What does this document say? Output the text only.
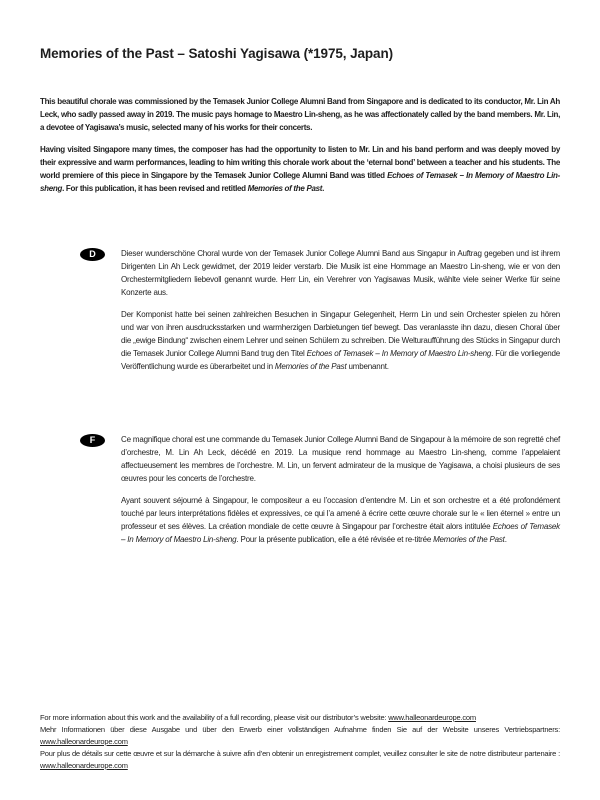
Memories of the Past – Satoshi Yagisawa (*1975, Japan)

This beautiful chorale was commissioned by the Temasek Junior College Alumni Band from Singapore and is dedicated to its conductor, Mr. Lin Ah Leck, who sadly passed away in 2019. The music pays homage to Maestro Lin-sheng, as he was affectionately called by the band members. Mr. Lin, a devotee of Yagisawa’s music, selected many of his works for their concerts.

Having visited Singapore many times, the composer has had the opportunity to listen to Mr. Lin and his band perform and was deeply moved by their expressive and warm performances, leading to him writing this chorale work about the ‘eternal bond’ between a teacher and his students. The world premiere of this piece in Singapore by the Temasek Junior College Alumni Band was titled Echoes of Temasek – In Memory of Maestro Lin-sheng. For this publication, it has been revised and retitled Memories of the Past.

D	Dieser wunderschöne Choral wurde von der Temasek Junior College Alumni Band aus Singapur in Auftrag gegeben und ist ihrem Dirigenten Lin Ah Leck gewidmet, der 2019 leider verstarb. Die Musik ist eine Hommage an Maestro Lin-sheng, wie er von den Orchestermitgliedern liebevoll genannt wurde. Herr Lin, ein Verehrer von Yagisawas Musik, wählte viele seiner Werke für seine Konzerte aus.

Der Komponist hatte bei seinen zahlreichen Besuchen in Singapur Gelegenheit, Herrn Lin und sein Orchester spielen zu hören und war von ihren ausdrucksstarken und warmherzigen Darbietungen tief bewegt. Das veranlasste ihn dazu, diesen Choral über die „ewige Bindung“ zwischen einem Lehrer und seinen Schülern zu schreiben. Die Welturaufführung des Stücks in Singapur durch die Temasek Junior College Alumni Band trug den Titel Echoes of Temasek – In Memory of Maestro Lin-sheng. Für die vorliegende Veröffentlichung wurde es überarbeitet und in Memories of the Past umbenannt.

F	Ce magnifique choral est une commande du Temasek Junior College Alumni Band de Singapour à la mémoire de son regretté chef d’orchestre, M. Lin Ah Leck, décédé en 2019. La musique rend hommage au Maestro Lin-sheng, comme l’appelaient affectueusement les membres de l’orchestre. M. Lin, un fervent admirateur de la musique de Yagisawa, a choisi plusieurs de ses œuvres pour les concerts de l’orchestre.

Ayant souvent séjourné à Singapour, le compositeur a eu l’occasion d’entendre M. Lin et son orchestre et a été profondément touché par leurs interprétations fidèles et expressives, ce qui l’a amené à écrire cette œuvre chorale sur le « lien éternel » entre un professeur et ses élèves. La création mondiale de cette œuvre à Singapour par l’orchestre était alors intitulée Echoes of Temasek – In Memory of Maestro Lin-sheng. Pour la présente publication, elle a été révisée et re-titrée Memories of the Past.

For more information about this work and the availability of a full recording, please visit our distributor’s website: www.halleonardeurope.com

Mehr Informationen über diese Ausgabe und über den Erwerb einer vollständigen Aufnahme finden Sie auf der Website unseres Vertriebspartners: www.halleonardeurope.com

Pour plus de détails sur cette œuvre et sur la démarche à suivre afin d’en obtenir un enregistrement complet, veuillez consulter le site de notre distributeur partenaire : www.halleonardeurope.com
